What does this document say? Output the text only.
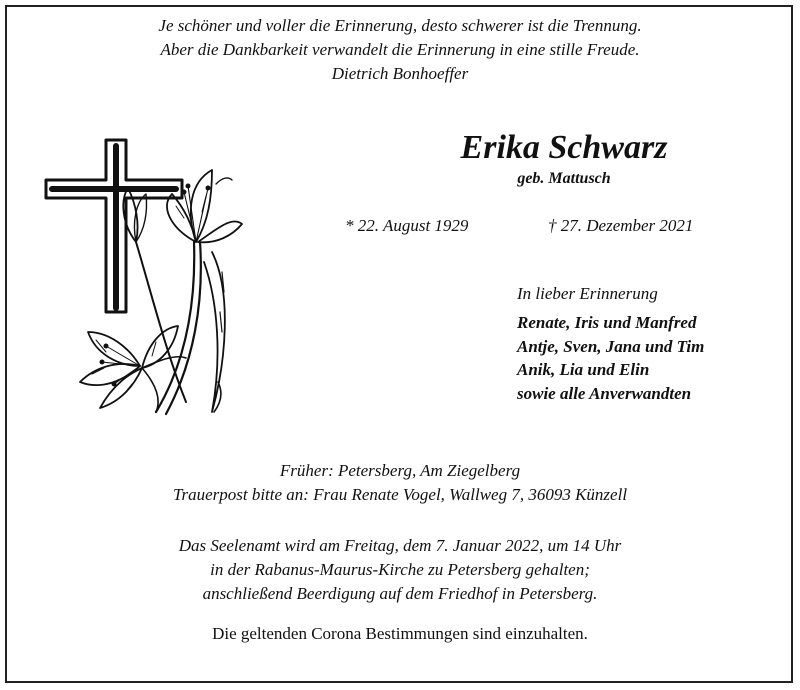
Je schöner und voller die Erinnerung, desto schwerer ist die Trennung.
Aber die Dankbarkeit verwandelt die Erinnerung in eine stille Freude.
Dietrich Bonhoeffer
Erika Schwarz
geb. Mattusch
* 22. August 1929	† 27. Dezember 2021
In lieber Erinnerung
Renate, Iris und Manfred
Antje, Sven, Jana und Tim
Anik, Lia und Elin
sowie alle Anverwandten
Früher: Petersberg, Am Ziegelberg
Trauerpost bitte an: Frau Renate Vogel, Wallweg 7, 36093 Künzell
Das Seelenamt wird am Freitag, dem 7. Januar 2022, um 14 Uhr
in der Rabanus-Maurus-Kirche zu Petersberg gehalten;
anschließend Beerdigung auf dem Friedhof in Petersberg.
Die geltenden Corona Bestimmungen sind einzuhalten.
